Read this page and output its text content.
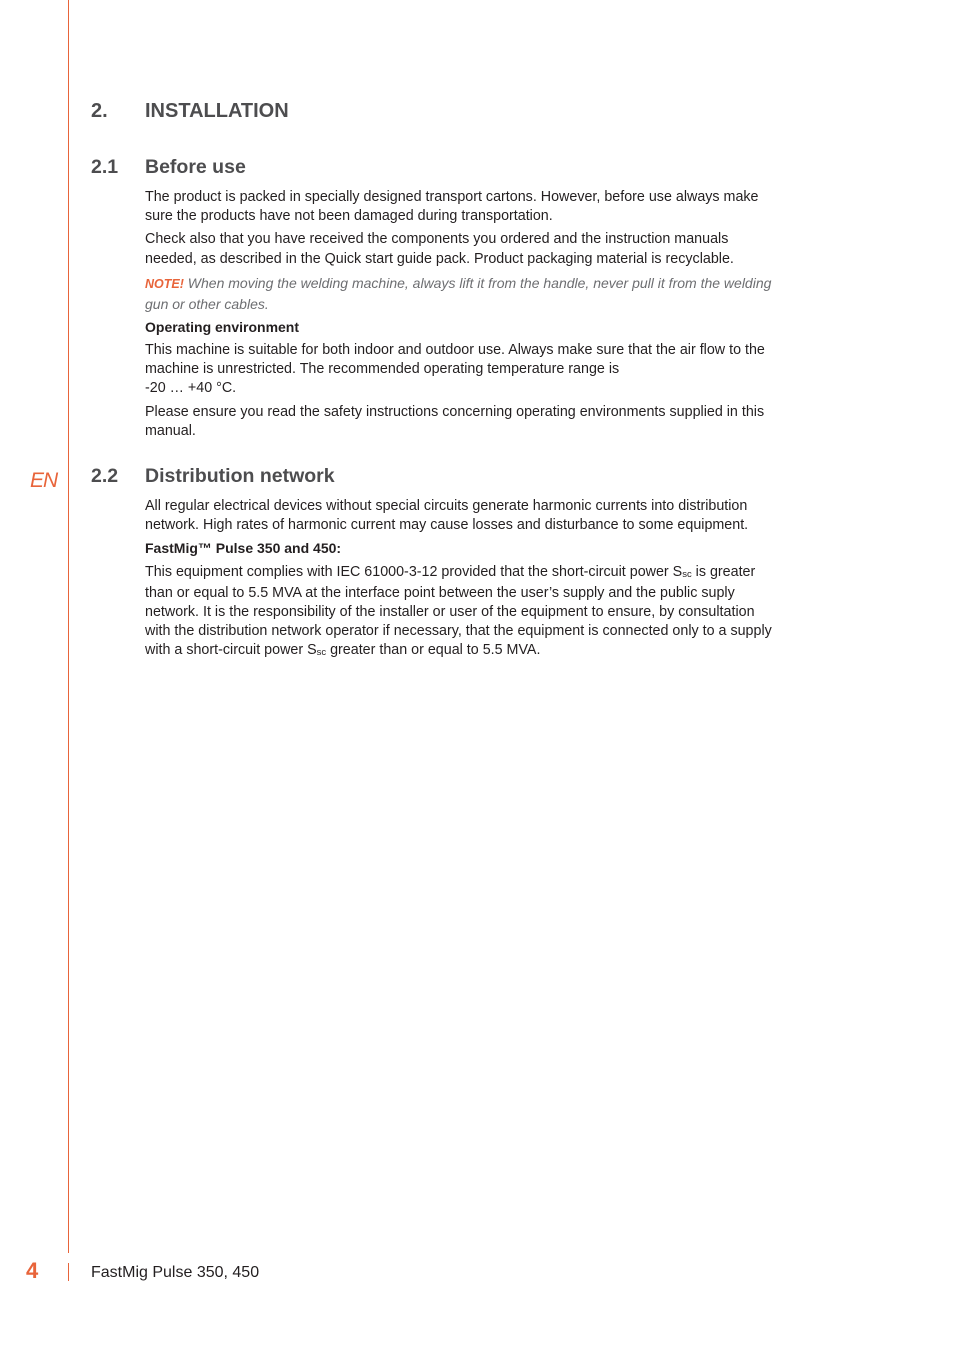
EN
2. INSTALLATION
2.1 Before use

The product is packed in specially designed transport cartons. However, before use always make sure the products have not been damaged during transportation.

Check also that you have received the components you ordered and the instruction manuals needed, as described in the Quick start guide pack. Product packaging material is recyclable.

NOTE! When moving the welding machine, always lift it from the handle, never pull it from the welding gun or other cables.

Operating environment

This machine is suitable for both indoor and outdoor use. Always make sure that the air flow to the machine is unrestricted. The recommended operating temperature range is
-20 … +40 °C.

Please ensure you read the safety instructions concerning operating environments supplied in this manual.

2.2 Distribution network

All regular electrical devices without special circuits generate harmonic currents into distribution network. High rates of harmonic current may cause losses and disturbance to some equipment.

FastMig™ Pulse 350 and 450:

This equipment complies with IEC 61000-3-12 provided that the short-circuit power $S_{sc}$ is greater than or equal to 5.5 MVA at the interface point between the user’s supply and the public suply network. It is the responsibility of the installer or user of the equipment to ensure, by consultation with the distribution network operator if necessary, that the equipment is connected only to a supply with a short-circuit power $S_{sc}$ greater than or equal to 5.5 MVA.

4	FastMig Pulse 350, 450
